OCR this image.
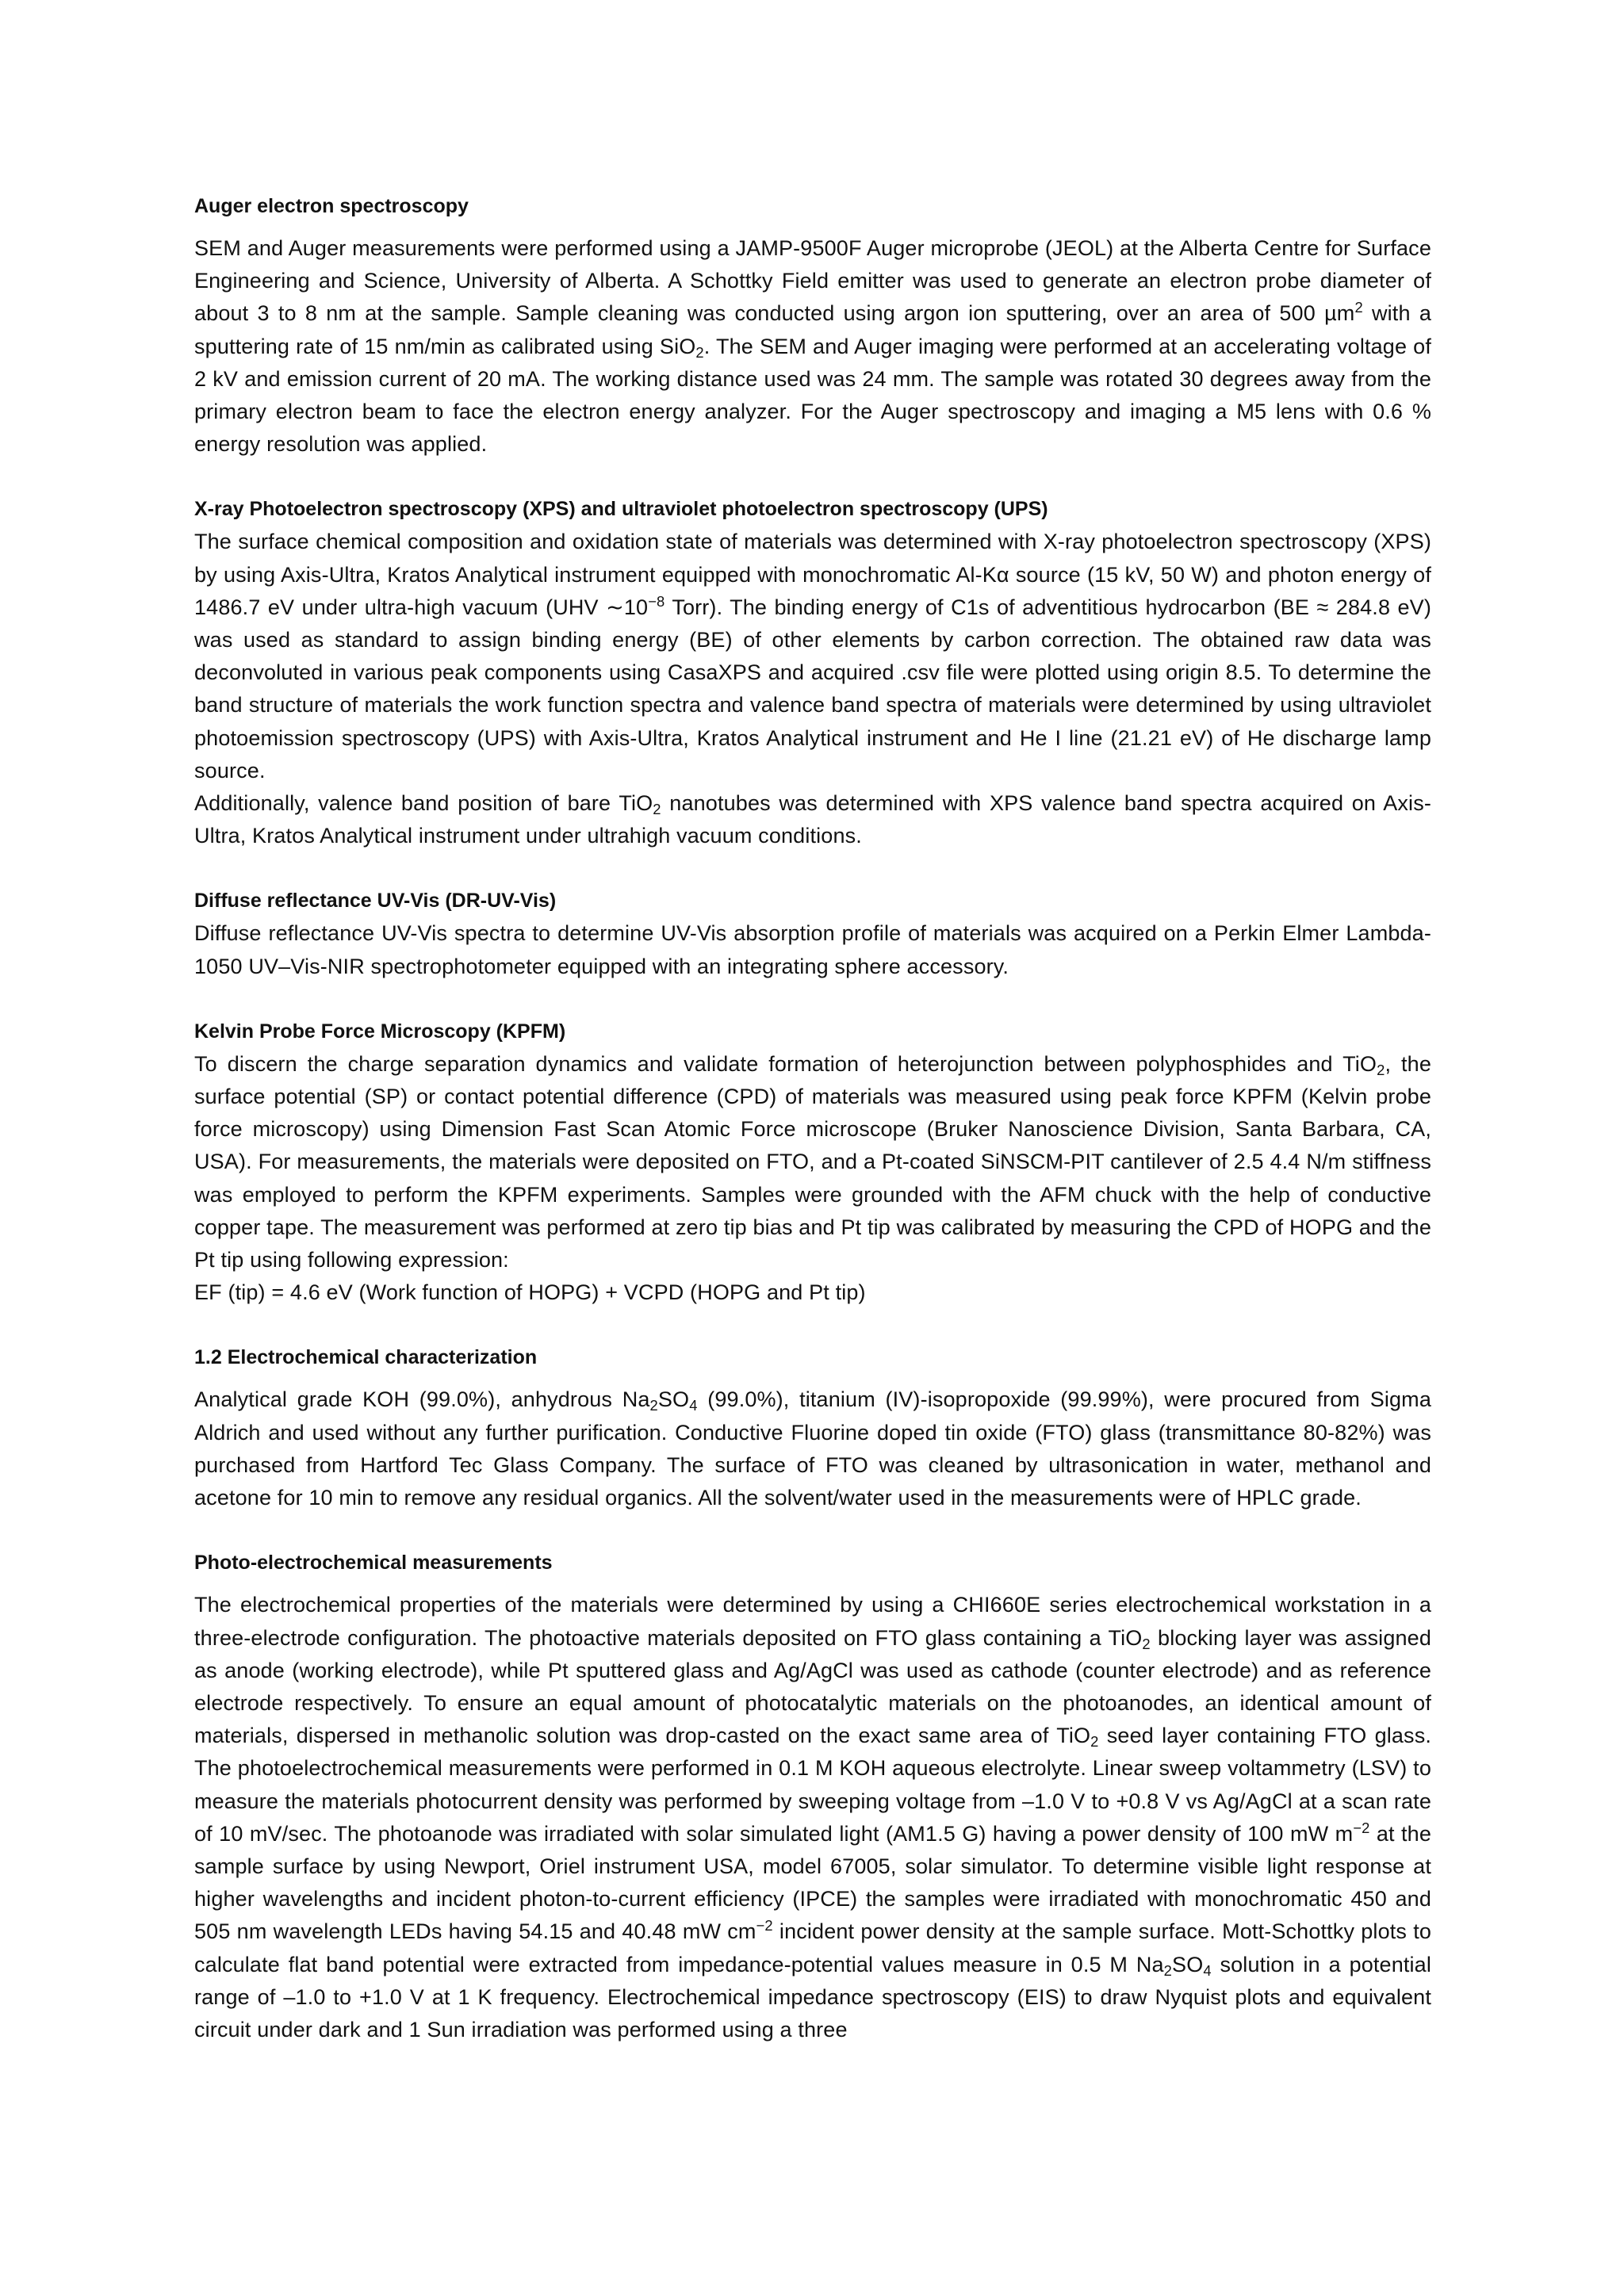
Auger electron spectroscopy

SEM and Auger measurements were performed using a JAMP-9500F Auger microprobe (JEOL) at the Alberta Centre for Surface Engineering and Science, University of Alberta. A Schottky Field emitter was used to generate an electron probe diameter of about 3 to 8 nm at the sample. Sample cleaning was conducted using argon ion sputtering, over an area of 500 µm$^2$ with a sputtering rate of 15 nm/min as calibrated using SiO$_2$. The SEM and Auger imaging were performed at an accelerating voltage of 2 kV and emission current of 20 mA. The working distance used was 24 mm. The sample was rotated 30 degrees away from the primary electron beam to face the electron energy analyzer. For the Auger spectroscopy and imaging a M5 lens with 0.6 % energy resolution was applied.

X-ray Photoelectron spectroscopy (XPS) and ultraviolet photoelectron spectroscopy (UPS)

The surface chemical composition and oxidation state of materials was determined with X-ray photoelectron spectroscopy (XPS) by using Axis-Ultra, Kratos Analytical instrument equipped with monochromatic Al-Kα source (15 kV, 50 W) and photon energy of 1486.7 eV under ultra-high vacuum (UHV $\sim 10^{-8}$ Torr). The binding energy of C1s of adventitious hydrocarbon (BE ≈ 284.8 eV) was used as standard to assign binding energy (BE) of other elements by carbon correction. The obtained raw data was deconvoluted in various peak components using CasaXPS and acquired .csv file were plotted using origin 8.5. To determine the band structure of materials the work function spectra and valence band spectra of materials were determined by using ultraviolet photoemission spectroscopy (UPS) with Axis-Ultra, Kratos Analytical instrument and He I line (21.21 eV) of He discharge lamp source.

Additionally, valence band position of bare TiO$_2$ nanotubes was determined with XPS valence band spectra acquired on Axis-Ultra, Kratos Analytical instrument under ultrahigh vacuum conditions.

Diffuse reflectance UV-Vis (DR-UV-Vis)

Diffuse reflectance UV-Vis spectra to determine UV-Vis absorption profile of materials was acquired on a Perkin Elmer Lambda-1050 UV–Vis-NIR spectrophotometer equipped with an integrating sphere accessory.

Kelvin Probe Force Microscopy (KPFM)

To discern the charge separation dynamics and validate formation of heterojunction between polyphosphides and TiO$_2$, the surface potential (SP) or contact potential difference (CPD) of materials was measured using peak force KPFM (Kelvin probe force microscopy) using Dimension Fast Scan Atomic Force microscope (Bruker Nanoscience Division, Santa Barbara, CA, USA). For measurements, the materials were deposited on FTO, and a Pt-coated SiNSCM-PIT cantilever of 2.5 4.4 N/m stiffness was employed to perform the KPFM experiments. Samples were grounded with the AFM chuck with the help of conductive copper tape. The measurement was performed at zero tip bias and Pt tip was calibrated by measuring the CPD of HOPG and the Pt tip using following expression:

EF (tip) = 4.6 eV (Work function of HOPG) + VCPD (HOPG and Pt tip)

1.2 Electrochemical characterization

Analytical grade KOH (99.0%), anhydrous $Na_2SO_4$ (99.0%), titanium (IV)-isopropoxide (99.99%), were procured from Sigma Aldrich and used without any further purification. Conductive Fluorine doped tin oxide (FTO) glass (transmittance 80-82%) was purchased from Hartford Tec Glass Company. The surface of FTO was cleaned by ultrasonication in water, methanol and acetone for 10 min to remove any residual organics. All the solvent/water used in the measurements were of HPLC grade.

Photo-electrochemical measurements

The electrochemical properties of the materials were determined by using a CHI660E series electrochemical workstation in a three-electrode configuration. The photoactive materials deposited on FTO glass containing a TiO$_2$ blocking layer was assigned as anode (working electrode), while Pt sputtered glass and Ag/AgCl was used as cathode (counter electrode) and as reference electrode respectively. To ensure an equal amount of photocatalytic materials on the photoanodes, an identical amount of materials, dispersed in methanolic solution was drop-casted on the exact same area of TiO$_2$ seed layer containing FTO glass. The photoelectrochemical measurements were performed in 0.1 M KOH aqueous electrolyte. Linear sweep voltammetry (LSV) to measure the materials photocurrent density was performed by sweeping voltage from –1.0 V to +0.8 V vs Ag/AgCl at a scan rate of 10 mV/sec. The photoanode was irradiated with solar simulated light (AM1.5 G) having a power density of 100 mW $m^{-2}$ at the sample surface by using Newport, Oriel instrument USA, model 67005, solar simulator. To determine visible light response at higher wavelengths and incident photon-to-current efficiency (IPCE) the samples were irradiated with monochromatic 450 and 505 nm wavelength LEDs having 54.15 and 40.48 mW $cm^{-2}$ incident power density at the sample surface. Mott-Schottky plots to calculate flat band potential were extracted from impedance-potential values measure in 0.5 M $Na_2SO_4$ solution in a potential range of –1.0 to +1.0 V at 1 K frequency. Electrochemical impedance spectroscopy (EIS) to draw Nyquist plots and equivalent circuit under dark and 1 Sun irradiation was performed using a three
